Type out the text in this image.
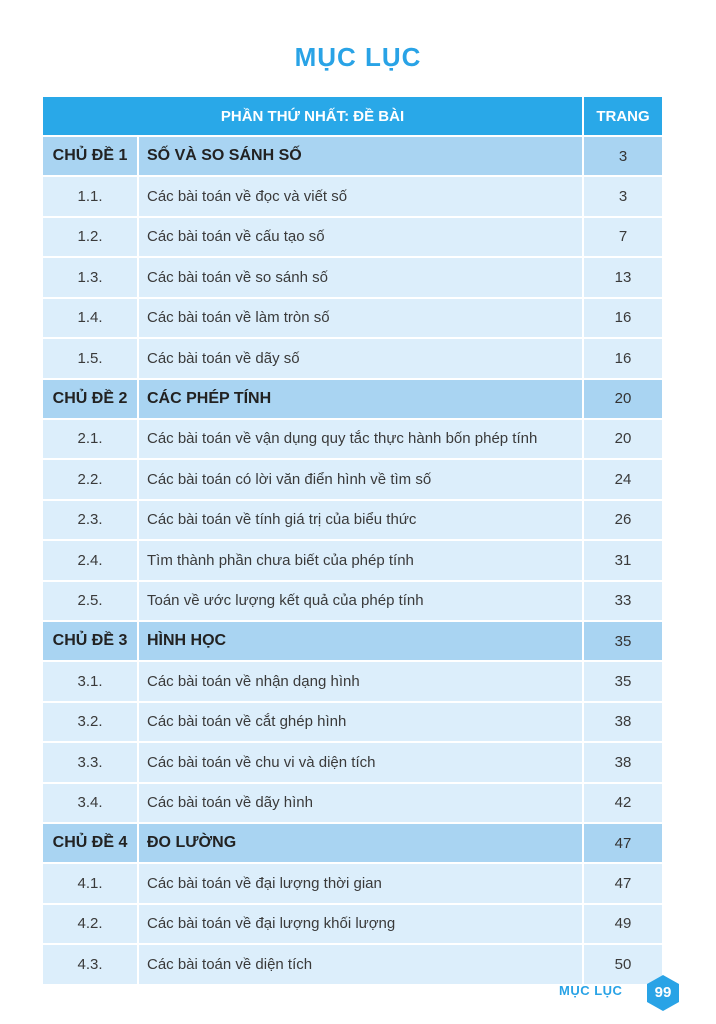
MỤC LỤC
PHẦN THỨ NHẤT: ĐỀ BÀI		TRANG
CHỦ ĐỀ 1	SỐ VÀ SO SÁNH SỐ	3
1.1.	Các bài toán về đọc và viết số	3
1.2.	Các bài toán về cấu tạo số	7
1.3.	Các bài toán về so sánh số	13
1.4.	Các bài toán về làm tròn số	16
1.5.	Các bài toán về dãy số	16
CHỦ ĐỀ 2	CÁC PHÉP TÍNH	20
2.1.	Các bài toán về vận dụng quy tắc thực hành bốn phép tính	20
2.2.	Các bài toán có lời văn điển hình về tìm số	24
2.3.	Các bài toán về tính giá trị của biểu thức	26
2.4.	Tìm thành phần chưa biết của phép tính	31
2.5.	Toán về ước lượng kết quả của phép tính	33
CHỦ ĐỀ 3	HÌNH HỌC	35
3.1.	Các bài toán về nhận dạng hình	35
3.2.	Các bài toán về cắt ghép hình	38
3.3.	Các bài toán về chu vi và diện tích	38
3.4.	Các bài toán về dãy hình	42
CHỦ ĐỀ 4	ĐO LƯỜNG	47
4.1.	Các bài toán về đại lượng thời gian	47
4.2.	Các bài toán về đại lượng khối lượng	49
4.3.	Các bài toán về diện tích	50
MỤC LỤC	99
